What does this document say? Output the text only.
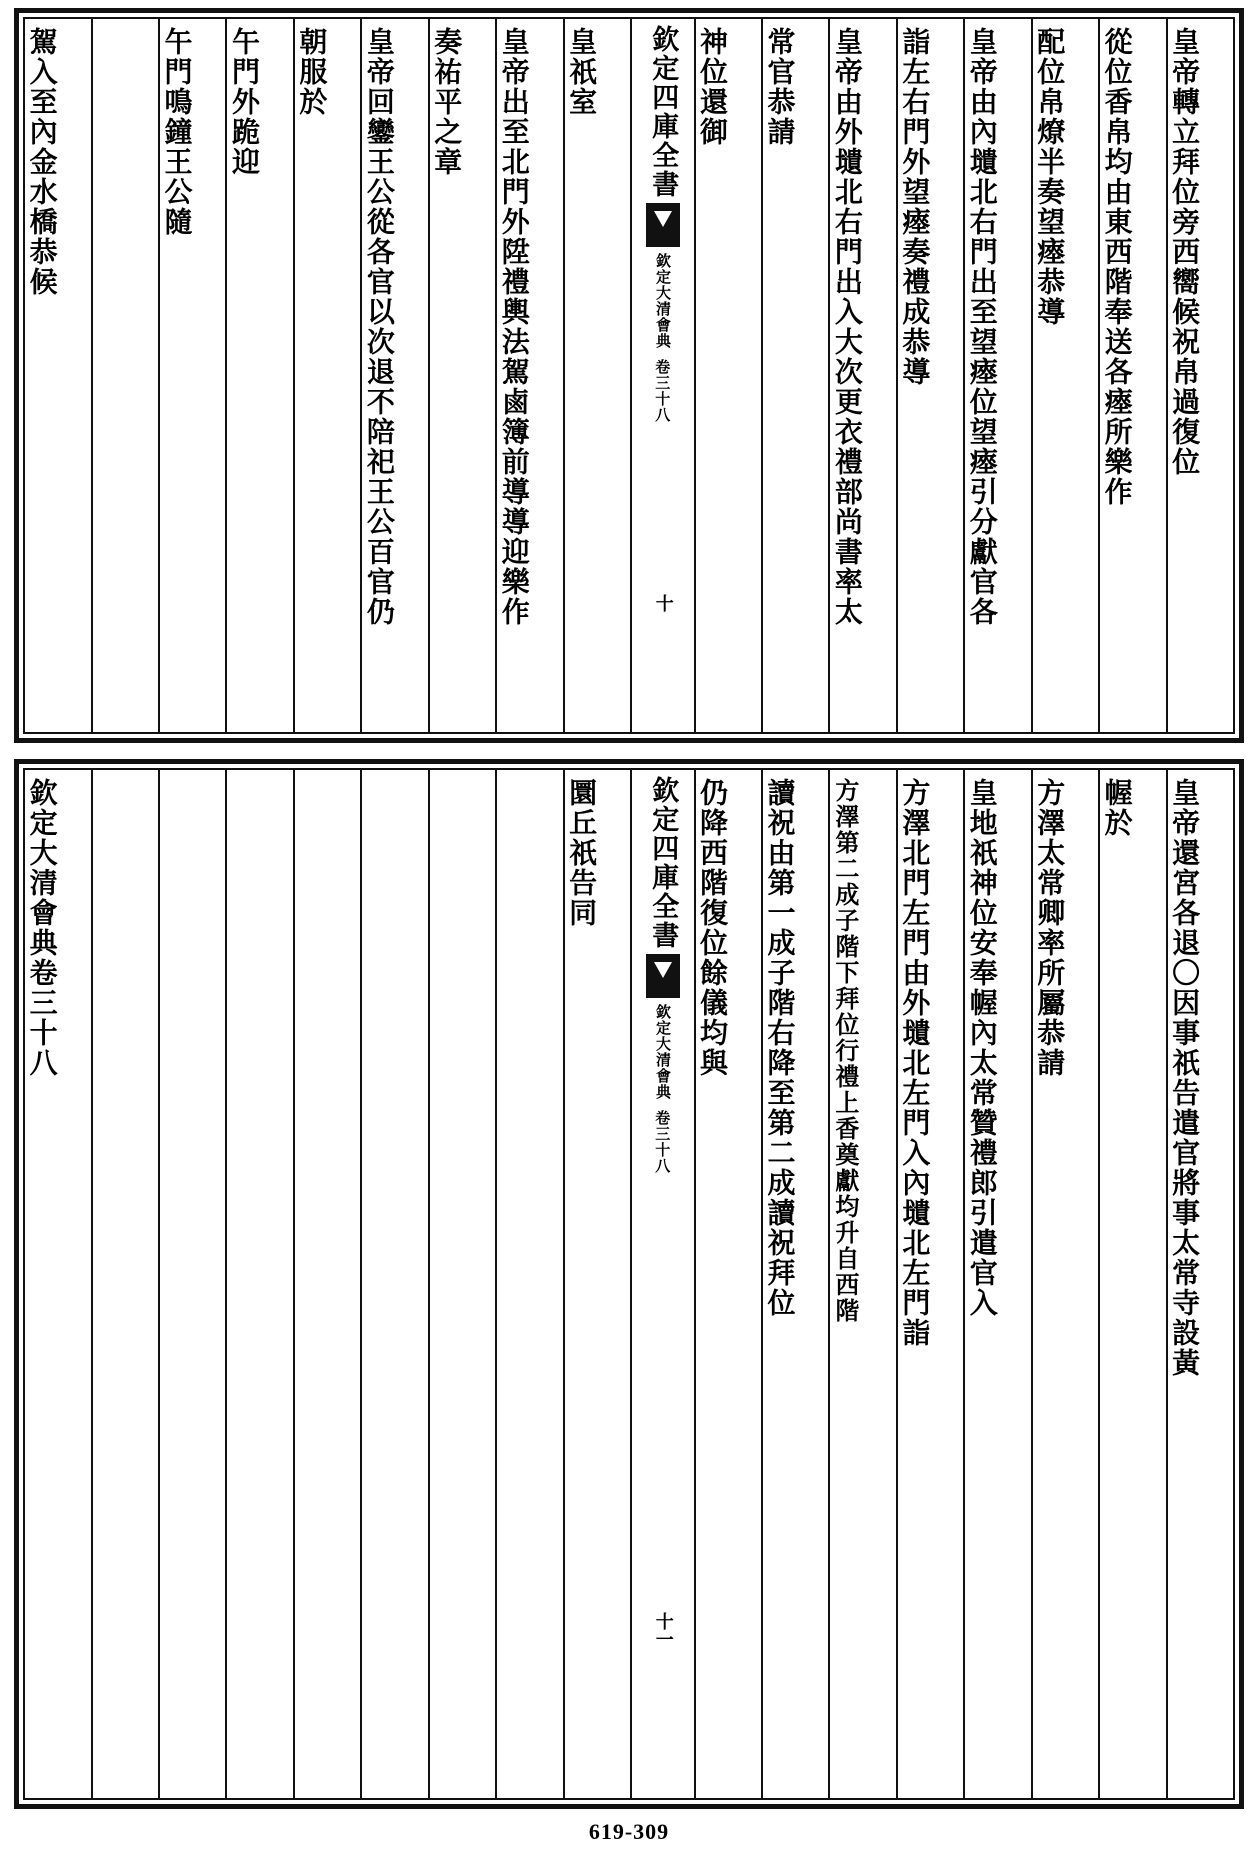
皇帝轉立拜位旁西嚮候祝帛過復位
從位香帛均由東西階奉送各瘞所樂作
配位帛燎半奏望瘞恭導
皇帝由內壝北右門出至望瘞位望瘞引分獻官各
詣左右門外望瘞奏禮成恭導
皇帝由外壝北右門出入大次更衣禮部尚書率太
常官恭請
神位還御
欽定四庫全書
欽定大清會典
卷三十八
十
皇祇室
皇帝出至北門外陞禮輿法駕鹵簿前導導迎樂作
奏祐平之章
皇帝回鑾王公從各官以次退不陪祀王公百官仍
朝服於
午門外跪迎
午門鳴鐘王公隨
駕入至內金水橋恭候
皇帝還宮各退〇因事祇告遣官將事太常寺設黃
幄於
方澤太常卿率所屬恭請
皇地祇神位安奉幄內太常贊禮郎引遣官入
方澤北門左門由外壝北左門入內壝北左門詣
方澤第二成子階下拜位行禮上香奠獻均升自西階
讀祝由第一成子階右降至第二成讀祝拜位
仍降西階復位餘儀均與
欽定四庫全書
欽定大清會典
卷三十八
十一
圜丘祇告同
欽定大清會典卷三十八
619-309
